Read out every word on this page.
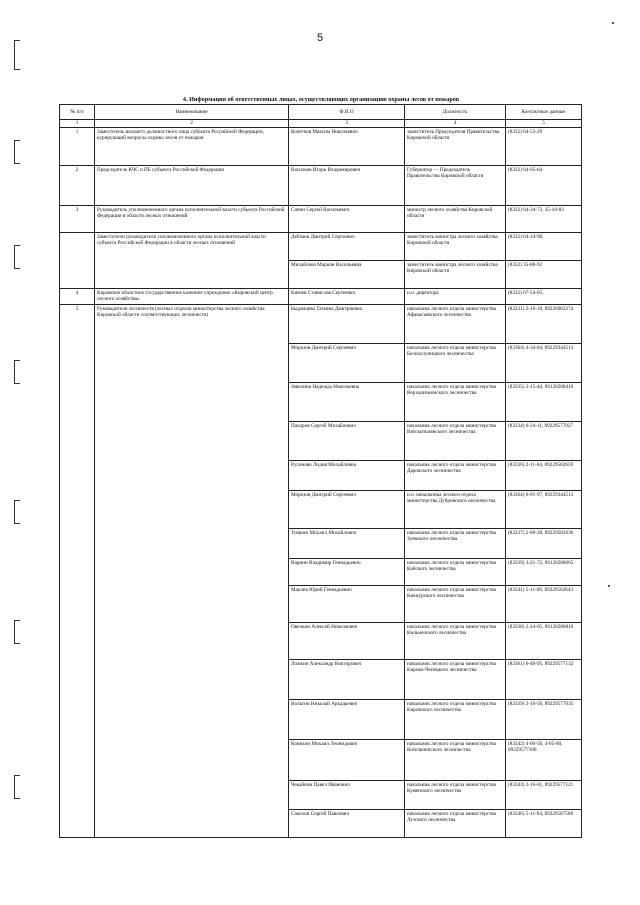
5
4. Информация об ответственных лицах, осуществляющих организацию охраны лесов от пожаров
№ п/п	Наименование	Ф.И.О	Должность	Контактные данные
1	2	3	4	5
1	Заместитель высшего должностного лица субъекта Российской Федерации, курирующий вопросы охраны лесов от пожаров	Кочетков Максим Николаевич	заместитель Председателя Правительства Кировской области	(8332) 64-53-29
2	Председатель КЧС и ПБ субъекта Российской Федерации	Васильев Игорь Владимирович	Губернатор — Председатель Правительства Кировской области	(8332) 64-95-64
3	Руководитель уполномоченного органа исполнительной власти субъекта Российской Федерации в области лесных отношений	Сапин Сергей Васильевич	министр лесного хозяйства Кировской области	(8332) 64-34-73, 35-18-83
	Заместители руководителя уполномоченного органа исполнительной власти субъекта Российской Федерации в области лесных отношений	Деблаев Дмитрий Сергеевич	заместитель министра лесного хозяйства Кировской области	(8332) 64-34-98,
		Михайлова Мариан Васильевна	заместитель министра лесного хозяйства Кировской области	(8332) 35-88-92
4	Кировское областное государственное казенное учреждение «Кировский центр лесного хозяйства»	Князев Станислав Сергеевич	и.о. директора	(8332) 67-54-05,
5	Руководители лесничеств (лесных отделов министерства лесного хозяйства Кировской области соответствующих лесничеств)	Быданцева Татьяна Дмитриевна	начальник лесного отдела министерства Афанасьевского лесничества	(83331) 2-16-18, 89226662274
		Морозов Дмитрий Сергеевич	начальник лесного отдела министерства Белохолуницкого лесничества	(83364) 4-34-84, 89229344513
		Зевалина Надежда Николаевна	начальник лесного отдела министерства Верхошижемского лесничества	(83335) 2-15-44, 89128288416
		Пахоров Сергей Михайлович	начальник лесного отдела министерства Вятскополянского лесничества	(83334) 6-24-11, 89229577027
		Русинова Лидия Михайловна	начальник лесного отдела министерства Даровского лесничества	(83336) 2-11-64, 89229582659
		Морозов Дмитрий Сергеевич	и.о. начальника лесного отдела министерства Дубровского лесничества	(83364) 6-91-97, 89229344513
		Тимкин Михаил Михайлович	начальник лесного отдела министерства Зуевского лесничества	(83337) 2-06-28, 89229582636
		Варнин Владимир Геннадьевич	начальник лесного отдела министерства Кайского лесничества	(83339) 3-21-72, 89128288665
		Маклев Юрий Геннадьевич	начальник лесного отдела министерства Кикнурского лесничества	(83341) 5-11-06, 89229582643
		Овечкин Алексей Николаевич	начальник лесного отдела министерства Кильмезского лесничества	(83338) 2-24-05, 89128286816
		Ложкин Александр Викторович	начальник лесного отдела министерства Кирово-Чепецкого лесничества	(83361) 6-40-95, 89229577132
		Вольгин Николай Аркадьевич	начальник лесного отдела министерства Кировского лесничества	(83339) 2-10-50, 89229577035
		Коняхин Михаил Леонидович	начальник лесного отдела министерства Котельничского лесничества	(83342) 4-00-50, 4-05-80, 89229577108
		Чекайкин Павел Иванович	начальник лесного отдела министерства Куменского лесничества	(83343) 2-16-01, 89229577121
		Соколов Сергей Павлович	начальник лесного отдела министерства Лузского лесничества	(83346) 5-11-04, 89229587588
